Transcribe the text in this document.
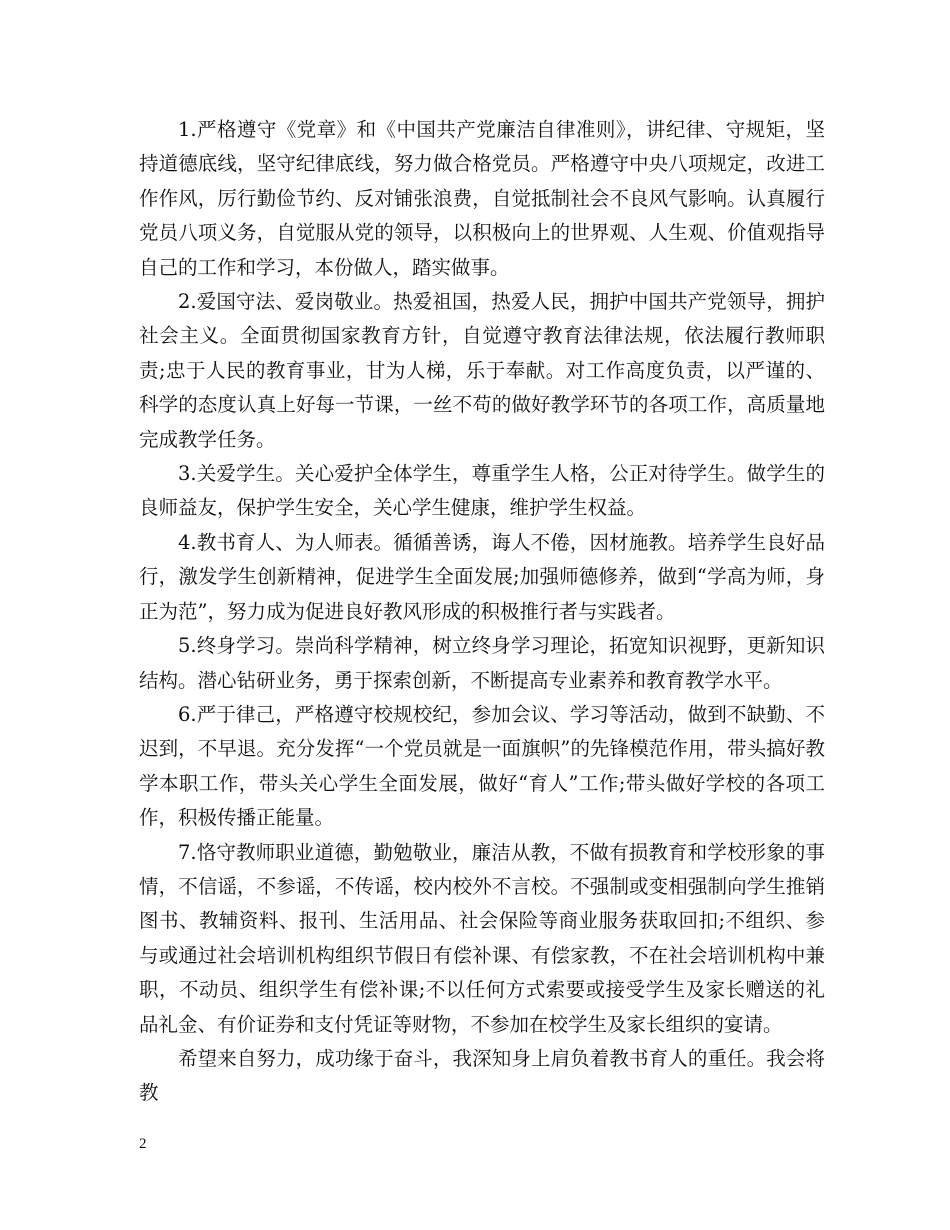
1.严格遵守《党章》和《中国共产党廉洁自律准则》，讲纪律、守规矩，坚持道德底线，坚守纪律底线，努力做合格党员。严格遵守中央八项规定，改进工作作风，厉行勤俭节约、反对铺张浪费，自觉抵制社会不良风气影响。认真履行党员八项义务，自觉服从党的领导，以积极向上的世界观、人生观、价值观指导自己的工作和学习，本份做人，踏实做事。

2.爱国守法、爱岗敬业。热爱祖国，热爱人民，拥护中国共产党领导，拥护社会主义。全面贯彻国家教育方针，自觉遵守教育法律法规，依法履行教师职责;忠于人民的教育事业，甘为人梯，乐于奉献。对工作高度负责，以严谨的、科学的态度认真上好每一节课，一丝不苟的做好教学环节的各项工作，高质量地完成教学任务。

3.关爱学生。关心爱护全体学生，尊重学生人格，公正对待学生。做学生的良师益友，保护学生安全，关心学生健康，维护学生权益。

4.教书育人、为人师表。循循善诱，诲人不倦，因材施教。培养学生良好品行，激发学生创新精神，促进学生全面发展;加强师德修养，做到“学高为师，身正为范”，努力成为促进良好教风形成的积极推行者与实践者。

5.终身学习。崇尚科学精神，树立终身学习理论，拓宽知识视野，更新知识结构。潜心钻研业务，勇于探索创新，不断提高专业素养和教育教学水平。

6.严于律己，严格遵守校规校纪，参加会议、学习等活动，做到不缺勤、不迟到，不早退。充分发挥“一个党员就是一面旗帜”的先锋模范作用，带头搞好教学本职工作，带头关心学生全面发展，做好“育人”工作;带头做好学校的各项工作，积极传播正能量。

7.恪守教师职业道德，勤勉敬业，廉洁从教，不做有损教育和学校形象的事情，不信谣，不参谣，不传谣，校内校外不言校。不强制或变相强制向学生推销图书、教辅资料、报刊、生活用品、社会保险等商业服务获取回扣;不组织、参与或通过社会培训机构组织节假日有偿补课、有偿家教，不在社会培训机构中兼职，不动员、组织学生有偿补课;不以任何方式索要或接受学生及家长赠送的礼品礼金、有价证券和支付凭证等财物，不参加在校学生及家长组织的宴请。

希望来自努力，成功缘于奋斗，我深知身上肩负着教书育人的重任。我会将教

2
